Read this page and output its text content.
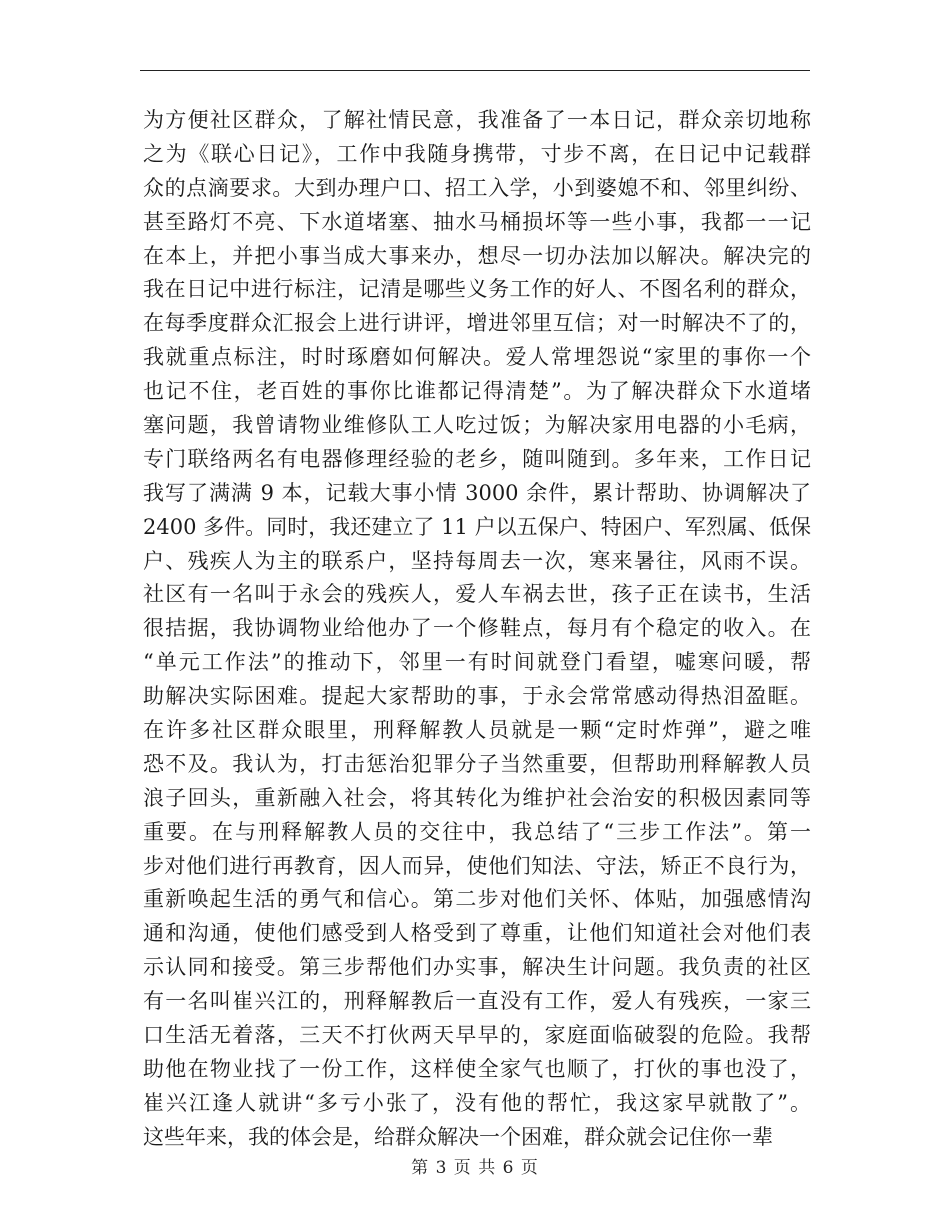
为方便社区群众，了解社情民意，我准备了一本日记，群众亲切地称
之为《联心日记》，工作中我随身携带，寸步不离，在日记中记载群
众的点滴要求。大到办理户口、招工入学，小到婆媳不和、邻里纠纷、
甚至路灯不亮、下水道堵塞、抽水马桶损坏等一些小事，我都一一记
在本上，并把小事当成大事来办，想尽一切办法加以解决。解决完的
我在日记中进行标注，记清是哪些义务工作的好人、不图名利的群众，
在每季度群众汇报会上进行讲评，增进邻里互信；对一时解决不了的，
我就重点标注，时时琢磨如何解决。爱人常埋怨说“家里的事你一个
也记不住，老百姓的事你比谁都记得清楚”。为了解决群众下水道堵
塞问题，我曾请物业维修队工人吃过饭；为解决家用电器的小毛病，
专门联络两名有电器修理经验的老乡，随叫随到。多年来，工作日记
我写了满满 9 本，记载大事小情 3000 余件，累计帮助、协调解决了
2400 多件。同时，我还建立了 11 户以五保户、特困户、军烈属、低保
户、残疾人为主的联系户，坚持每周去一次，寒来暑往，风雨不误。
社区有一名叫于永会的残疾人，爱人车祸去世，孩子正在读书，生活
很拮据，我协调物业给他办了一个修鞋点，每月有个稳定的收入。在
“单元工作法”的推动下，邻里一有时间就登门看望，嘘寒问暖，帮
助解决实际困难。提起大家帮助的事，于永会常常感动得热泪盈眶。
在许多社区群众眼里，刑释解教人员就是一颗“定时炸弹”，避之唯
恐不及。我认为，打击惩治犯罪分子当然重要，但帮助刑释解教人员
浪子回头，重新融入社会，将其转化为维护社会治安的积极因素同等
重要。在与刑释解教人员的交往中，我总结了“三步工作法”。第一
步对他们进行再教育，因人而异，使他们知法、守法，矫正不良行为，
重新唤起生活的勇气和信心。第二步对他们关怀、体贴，加强感情沟
通和沟通，使他们感受到人格受到了尊重，让他们知道社会对他们表
示认同和接受。第三步帮他们办实事，解决生计问题。我负责的社区
有一名叫崔兴江的，刑释解教后一直没有工作，爱人有残疾，一家三
口生活无着落，三天不打伙两天早早的，家庭面临破裂的危险。我帮
助他在物业找了一份工作，这样使全家气也顺了，打伙的事也没了，
崔兴江逢人就讲“多亏小张了，没有他的帮忙，我这家早就散了”。
这些年来，我的体会是，给群众解决一个困难，群众就会记住你一辈
第 3 页 共 6 页
